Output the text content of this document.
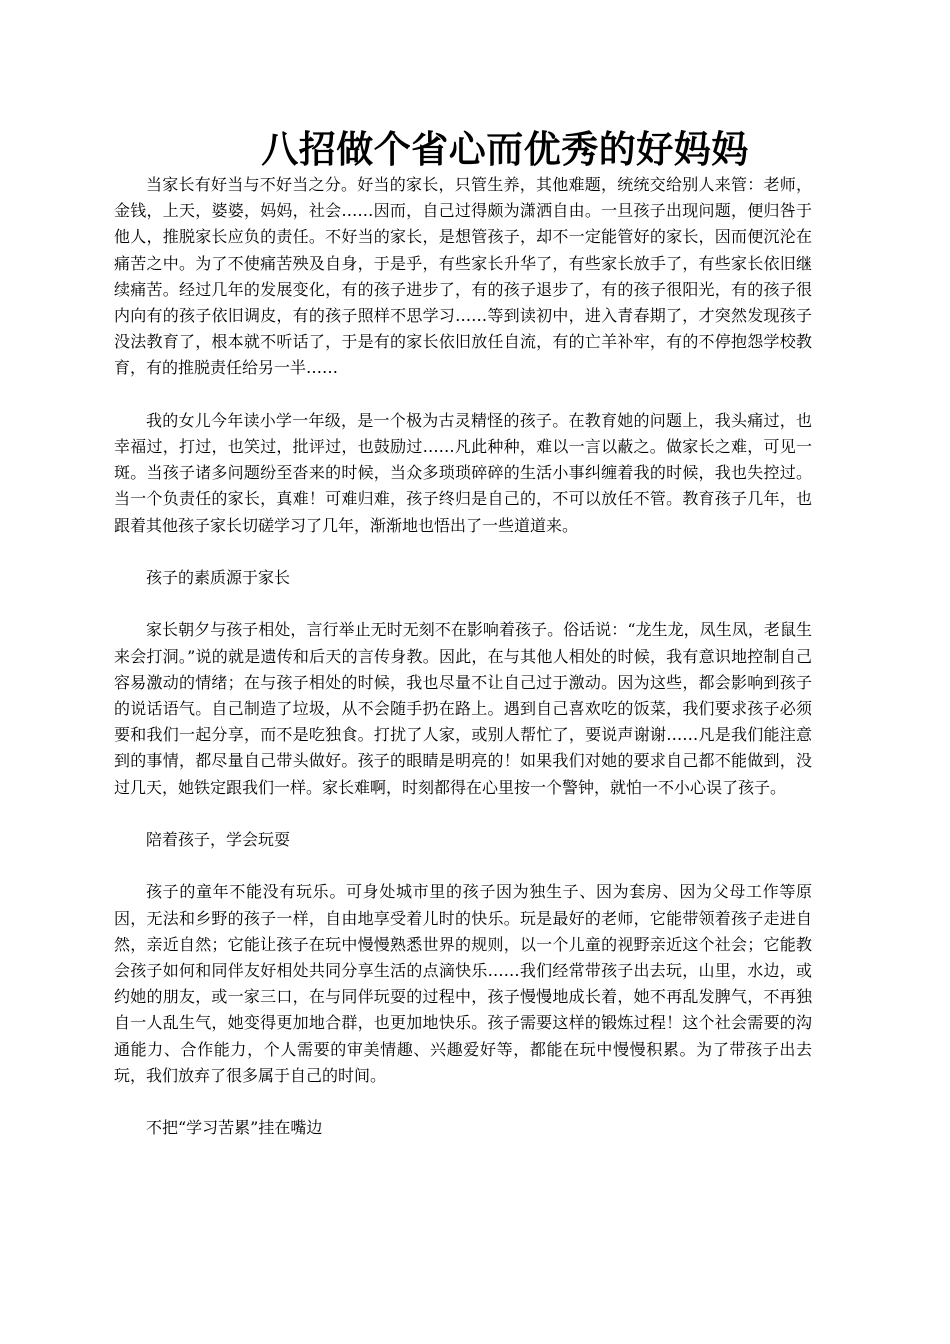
八招做个省心而优秀的好妈妈

当家长有好当与不好当之分。好当的家长，只管生养，其他难题，统统交给别人来管：老师，金钱，上天，婆婆，妈妈，社会……因而，自己过得颇为潇洒自由。一旦孩子出现问题，便归咎于他人，推脱家长应负的责任。不好当的家长，是想管孩子，却不一定能管好的家长，因而便沉沦在痛苦之中。为了不使痛苦殃及自身，于是乎，有些家长升华了，有些家长放手了，有些家长依旧继续痛苦。经过几年的发展变化，有的孩子进步了，有的孩子退步了，有的孩子很阳光，有的孩子很内向有的孩子依旧调皮，有的孩子照样不思学习……等到读初中，进入青春期了，才突然发现孩子没法教育了，根本就不听话了，于是有的家长依旧放任自流，有的亡羊补牢，有的不停抱怨学校教育，有的推脱责任给另一半……

我的女儿今年读小学一年级，是一个极为古灵精怪的孩子。在教育她的问题上，我头痛过，也幸福过，打过，也笑过，批评过，也鼓励过……凡此种种，难以一言以蔽之。做家长之难，可见一斑。当孩子诸多问题纷至沓来的时候，当众多琐琐碎碎的生活小事纠缠着我的时候，我也失控过。当一个负责任的家长，真难！可难归难，孩子终归是自己的，不可以放任不管。教育孩子几年，也跟着其他孩子家长切磋学习了几年，渐渐地也悟出了一些道道来。

孩子的素质源于家长

家长朝夕与孩子相处，言行举止无时无刻不在影响着孩子。俗话说：“龙生龙，凤生凤，老鼠生来会打洞。”说的就是遗传和后天的言传身教。因此，在与其他人相处的时候，我有意识地控制自己容易激动的情绪；在与孩子相处的时候，我也尽量不让自己过于激动。因为这些，都会影响到孩子的说话语气。自己制造了垃圾，从不会随手扔在路上。遇到自己喜欢吃的饭菜，我们要求孩子必须要和我们一起分享，而不是吃独食。打扰了人家，或别人帮忙了，要说声谢谢……凡是我们能注意到的事情，都尽量自己带头做好。孩子的眼睛是明亮的！如果我们对她的要求自己都不能做到，没过几天，她铁定跟我们一样。家长难啊，时刻都得在心里按一个警钟，就怕一不小心误了孩子。

陪着孩子，学会玩耍

孩子的童年不能没有玩乐。可身处城市里的孩子因为独生子、因为套房、因为父母工作等原因，无法和乡野的孩子一样，自由地享受着儿时的快乐。玩是最好的老师，它能带领着孩子走进自然，亲近自然；它能让孩子在玩中慢慢熟悉世界的规则，以一个儿童的视野亲近这个社会；它能教会孩子如何和同伴友好相处共同分享生活的点滴快乐……我们经常带孩子出去玩，山里，水边，或约她的朋友，或一家三口，在与同伴玩耍的过程中，孩子慢慢地成长着，她不再乱发脾气，不再独自一人乱生气，她变得更加地合群，也更加地快乐。孩子需要这样的锻炼过程！这个社会需要的沟通能力、合作能力，个人需要的审美情趣、兴趣爱好等，都能在玩中慢慢积累。为了带孩子出去玩，我们放弃了很多属于自己的时间。

不把“学习苦累”挂在嘴边
